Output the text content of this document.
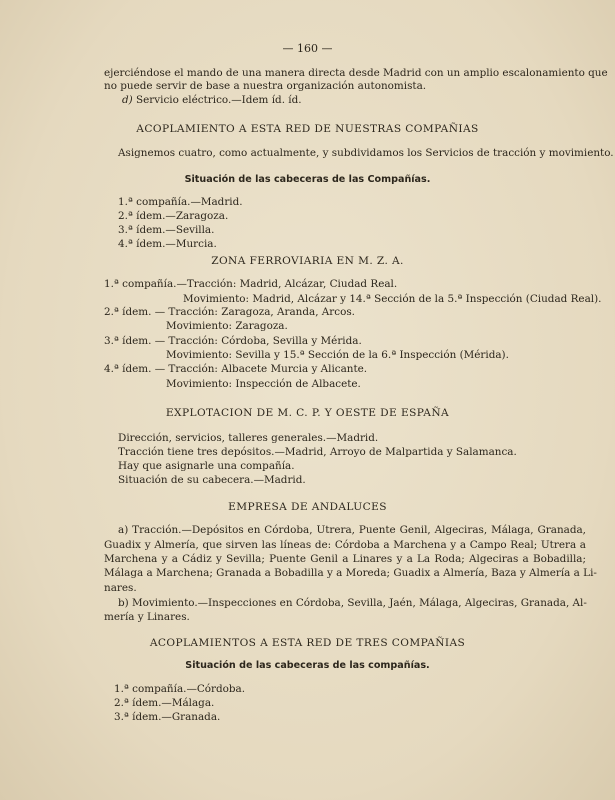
— 160 —
ejerciéndose el mando de una manera directa desde Madrid con un amplio escalonamiento que
no puede servir de base a nuestra organización autonomista.
d) Servicio eléctrico.—Idem íd. íd.
ACOPLAMIENTO A ESTA RED DE NUESTRAS COMPAÑIAS
Asignemos cuatro, como actualmente, y subdividamos los Servicios de tracción y movimiento.
Situación de las cabeceras de las Compañías.
1.ª compañía.—Madrid.
2.ª ídem.—Zaragoza.
3.ª ídem.—Sevilla.
4.ª ídem.—Murcia.
ZONA FERROVIARIA EN M. Z. A.
1.ª compañía.—Tracción: Madrid, Alcázar, Ciudad Real.
Movimiento: Madrid, Alcázar y 14.ª Sección de la 5.ª Inspección (Ciudad Real).
2.ª ídem. — Tracción: Zaragoza, Aranda, Arcos.
Movimiento: Zaragoza.
3.ª ídem. — Tracción: Córdoba, Sevilla y Mérida.
Movimiento: Sevilla y 15.ª Sección de la 6.ª Inspección (Mérida).
4.ª ídem. — Tracción: Albacete Murcia y Alicante.
Movimiento: Inspección de Albacete.
EXPLOTACION DE M. C. P. Y OESTE DE ESPAÑA
Dirección, servicios, talleres generales.—Madrid.
Tracción tiene tres depósitos.—Madrid, Arroyo de Malpartida y Salamanca.
Hay que asignarle una compañía.
Situación de su cabecera.—Madrid.
EMPRESA DE ANDALUCES
a) Tracción.—Depósitos en Córdoba, Utrera, Puente Genil, Algeciras, Málaga, Granada,
Guadix y Almería, que sirven las líneas de: Córdoba a Marchena y a Campo Real; Utrera a
Marchena y a Cádiz y Sevilla; Puente Genil a Linares y a La Roda; Algeciras a Bobadilla;
Málaga a Marchena; Granada a Bobadilla y a Moreda; Guadix a Almería, Baza y Almería a Li-
nares.
b) Movimiento.—Inspecciones en Córdoba, Sevilla, Jaén, Málaga, Algeciras, Granada, Al-
mería y Linares.
ACOPLAMIENTOS A ESTA RED DE TRES COMPAÑIAS
Situación de las cabeceras de las compañías.
1.ª compañía.—Córdoba.
2.ª ídem.—Málaga.
3.ª ídem.—Granada.
